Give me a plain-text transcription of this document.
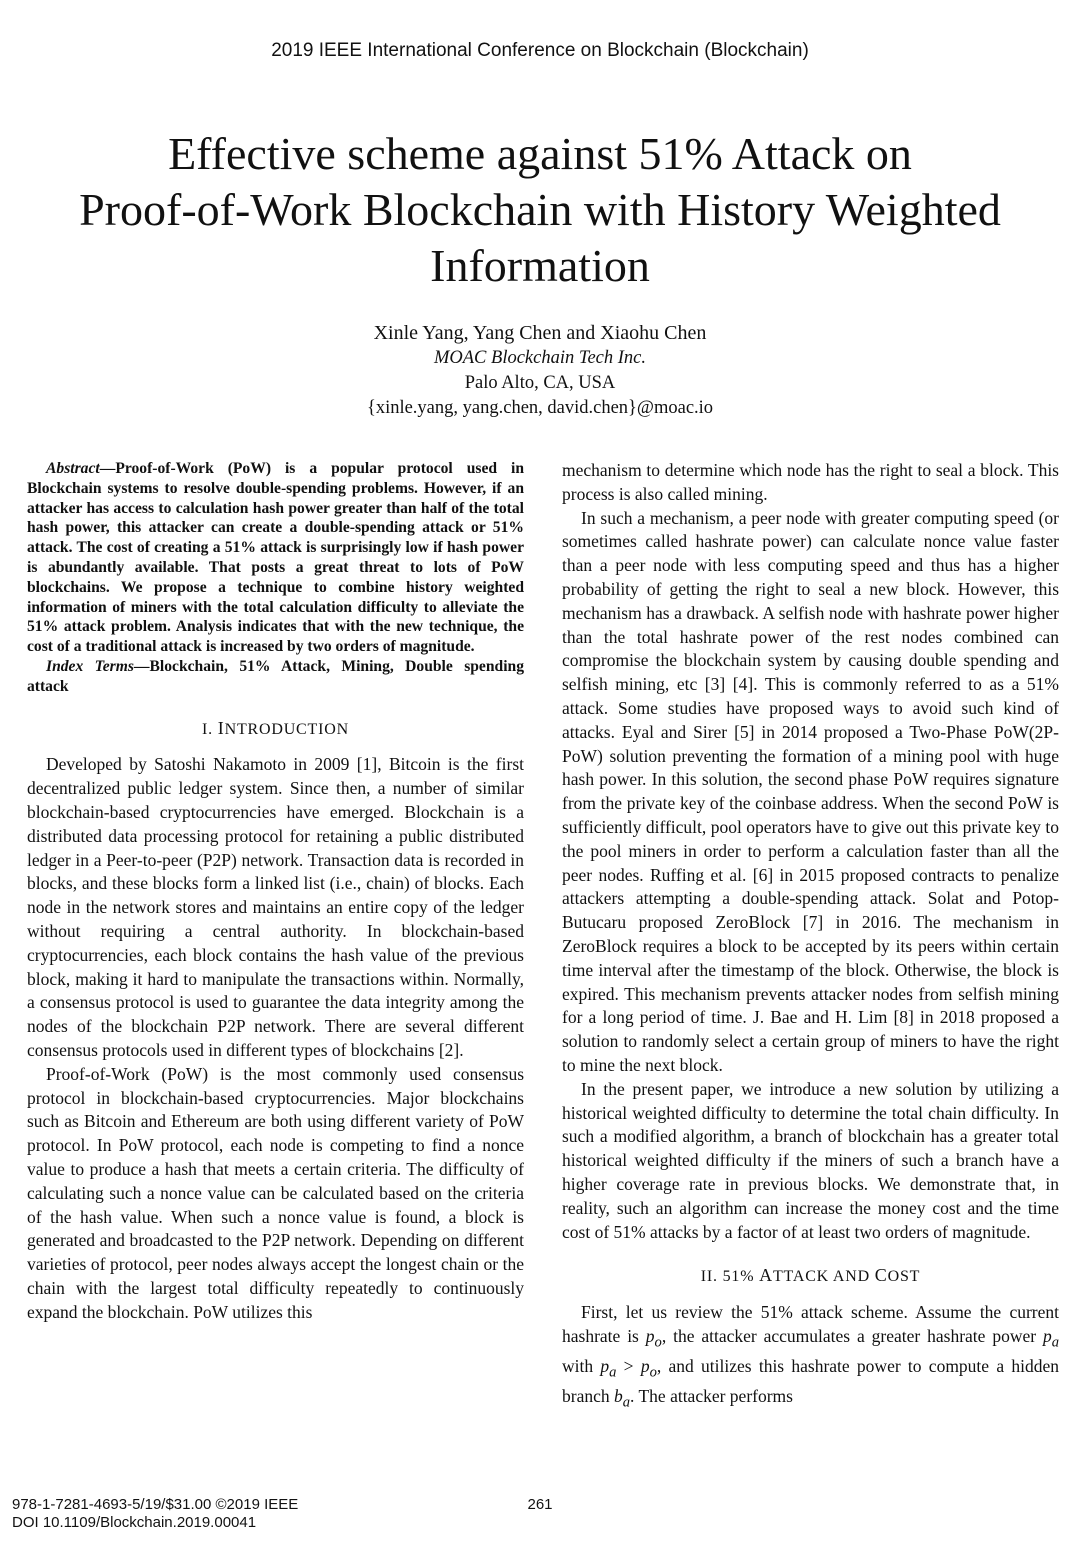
2019 IEEE International Conference on Blockchain (Blockchain)
Effective scheme against 51% Attack on
Proof-of-Work Blockchain with History Weighted
Information
Xinle Yang, Yang Chen and Xiaohu Chen
MOAC Blockchain Tech Inc.
Palo Alto, CA, USA
{xinle.yang, yang.chen, david.chen}@moac.io

Abstract—Proof-of-Work (PoW) is a popular protocol used in Blockchain systems to resolve double-spending problems. However, if an attacker has access to calculation hash power greater than half of the total hash power, this attacker can create a double-spending attack or 51% attack. The cost of creating a 51% attack is surprisingly low if hash power is abundantly available. That posts a great threat to lots of PoW blockchains. We propose a technique to combine history weighted information of miners with the total calculation difficulty to alleviate the 51% attack problem. Analysis indicates that with the new technique, the cost of a traditional attack is increased by two orders of magnitude.

Index Terms—Blockchain, 51% Attack, Mining, Double spending attack

I. INTRODUCTION

Developed by Satoshi Nakamoto in 2009 [1], Bitcoin is the first decentralized public ledger system. Since then, a number of similar blockchain-based cryptocurrencies have emerged. Blockchain is a distributed data processing protocol for retaining a public distributed ledger in a Peer-to-peer (P2P) network. Transaction data is recorded in blocks, and these blocks form a linked list (i.e., chain) of blocks. Each node in the network stores and maintains an entire copy of the ledger without requiring a central authority. In blockchain-based cryptocurrencies, each block contains the hash value of the previous block, making it hard to manipulate the transactions within. Normally, a consensus protocol is used to guarantee the data integrity among the nodes of the blockchain P2P network. There are several different consensus protocols used in different types of blockchains [2].

Proof-of-Work (PoW) is the most commonly used consensus protocol in blockchain-based cryptocurrencies. Major blockchains such as Bitcoin and Ethereum are both using different variety of PoW protocol. In PoW protocol, each node is competing to find a nonce value to produce a hash that meets a certain criteria. The difficulty of calculating such a nonce value can be calculated based on the criteria of the hash value. When such a nonce value is found, a block is generated and broadcasted to the P2P network. Depending on different varieties of protocol, peer nodes always accept the longest chain or the chain with the largest total difficulty repeatedly to continuously expand the blockchain. PoW utilizes this

mechanism to determine which node has the right to seal a block. This process is also called mining.

In such a mechanism, a peer node with greater computing speed (or sometimes called hashrate power) can calculate nonce value faster than a peer node with less computing speed and thus has a higher probability of getting the right to seal a new block. However, this mechanism has a drawback. A selfish node with hashrate power higher than the total hashrate power of the rest nodes combined can compromise the blockchain system by causing double spending and selfish mining, etc [3] [4]. This is commonly referred to as a 51% attack. Some studies have proposed ways to avoid such kind of attacks. Eyal and Sirer [5] in 2014 proposed a Two-Phase PoW(2P-PoW) solution preventing the formation of a mining pool with huge hash power. In this solution, the second phase PoW requires signature from the private key of the coinbase address. When the second PoW is sufficiently difficult, pool operators have to give out this private key to the pool miners in order to perform a calculation faster than all the peer nodes. Ruffing et al. [6] in 2015 proposed contracts to penalize attackers attempting a double-spending attack. Solat and Potop-Butucaru proposed ZeroBlock [7] in 2016. The mechanism in ZeroBlock requires a block to be accepted by its peers within certain time interval after the timestamp of the block. Otherwise, the block is expired. This mechanism prevents attacker nodes from selfish mining for a long period of time. J. Bae and H. Lim [8] in 2018 proposed a solution to randomly select a certain group of miners to have the right to mine the next block.

In the present paper, we introduce a new solution by utilizing a historical weighted difficulty to determine the total chain difficulty. In such a modified algorithm, a branch of blockchain has a greater total historical weighted difficulty if the miners of such a branch have a higher coverage rate in previous blocks. We demonstrate that, in reality, such an algorithm can increase the money cost and the time cost of 51% attacks by a factor of at least two orders of magnitude.

II. 51% ATTACK AND COST

First, let us review the 51% attack scheme. Assume the current hashrate is $p_o$, the attacker accumulates a greater hashrate power $p_a$ with $p_a > p_o$, and utilizes this hashrate power to compute a hidden branch $b_a$. The attacker performs

978-1-7281-4693-5/19/$31.00 ©2019 IEEE
DOI 10.1109/Blockchain.2019.00041
261
